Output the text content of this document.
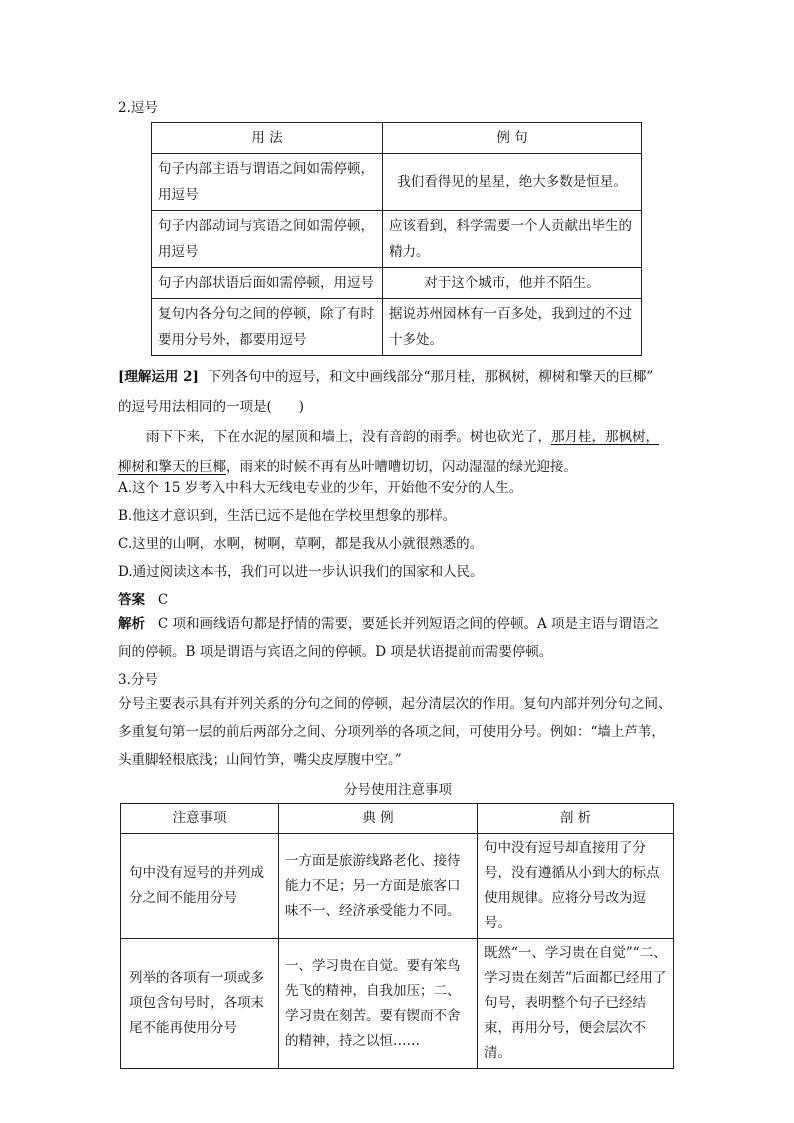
2.逗号
用 法	例 句
句子内部主语与谓语之间如需停顿，用逗号	我们看得见的星星，绝大多数是恒星。
句子内部动词与宾语之间如需停顿，用逗号	应该看到，科学需要一个人贡献出毕生的精力。
句子内部状语后面如需停顿，用逗号	对于这个城市，他并不陌生。
复句内各分句之间的停顿，除了有时要用分号外，都要用逗号	据说苏州园林有一百多处，我到过的不过十多处。
[理解运用 2] 下列各句中的逗号，和文中画线部分“那月桂，那枫树，柳树和擎天的巨椰”
的逗号用法相同的一项是(　　)
雨下下来，下在水泥的屋顶和墙上，没有音韵的雨季。树也砍光了，那月桂，那枫树，
柳树和擎天的巨椰，雨来的时候不再有丛叶嘈嘈切切，闪动湿湿的绿光迎接。
A.这个 15 岁考入中科大无线电专业的少年，开始他不安分的人生。
B.他这才意识到，生活已远不是他在学校里想象的那样。
C.这里的山啊，水啊，树啊，草啊，都是我从小就很熟悉的。
D.通过阅读这本书，我们可以进一步认识我们的国家和人民。
答案 C
解析 C 项和画线语句都是抒情的需要，要延长并列短语之间的停顿。A 项是主语与谓语之
间的停顿。B 项是谓语与宾语之间的停顿。D 项是状语提前而需要停顿。
3.分号
分号主要表示具有并列关系的分句之间的停顿，起分清层次的作用。复句内部并列分句之间、
多重复句第一层的前后两部分之间、分项列举的各项之间，可使用分号。例如：“墙上芦苇，
头重脚轻根底浅；山间竹笋，嘴尖皮厚腹中空。”
分号使用注意事项
注意事项	典 例	剖 析
句中没有逗号的并列成分之间不能用分号	一方面是旅游线路老化、接待能力不足；另一方面是旅客口味不一、经济承受能力不同。	句中没有逗号却直接用了分号，没有遵循从小到大的标点使用规律。应将分号改为逗号。
列举的各项有一项或多项包含句号时，各项末尾不能再使用分号	一、学习贵在自觉。要有笨鸟先飞的精神，自我加压；二、学习贵在刻苦。要有锲而不舍的精神，持之以恒……	既然“一、学习贵在自觉”“二、学习贵在刻苦”后面都已经用了句号，表明整个句子已经结束，再用分号，便会层次不清。
